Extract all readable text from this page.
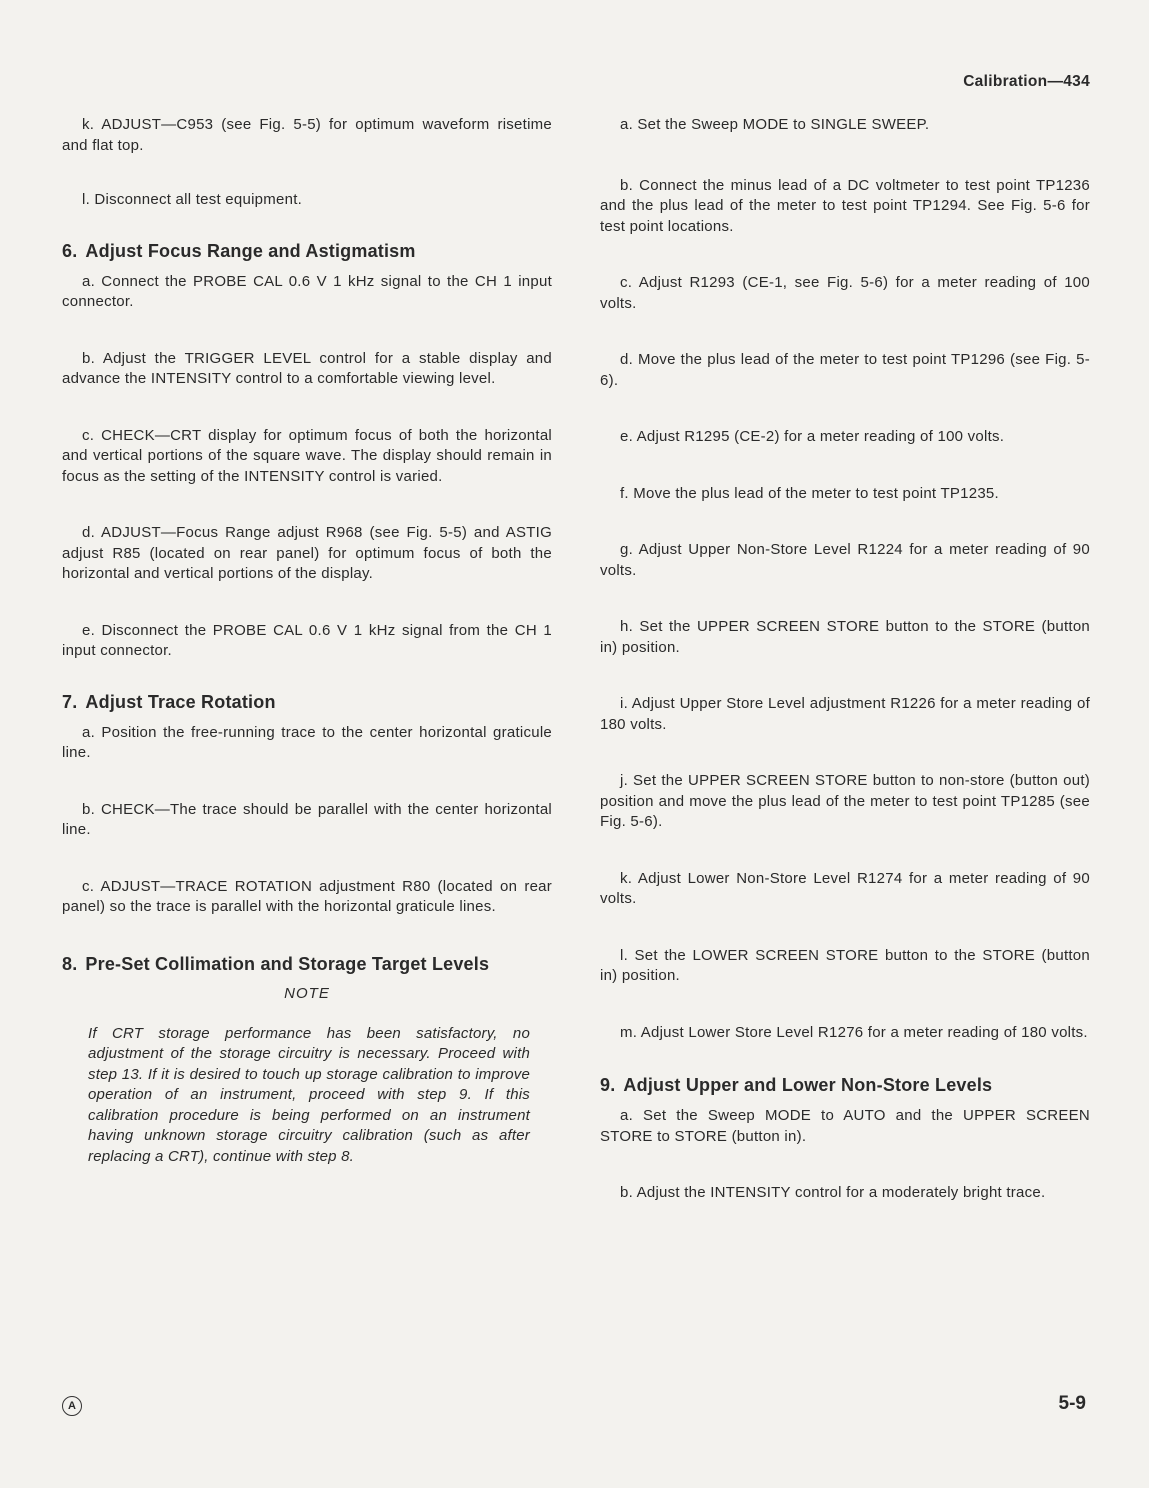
Calibration—434

k. ADJUST—C953 (see Fig. 5-5) for optimum waveform risetime and flat top.

l. Disconnect all test equipment.

6. Adjust Focus Range and Astigmatism

a. Connect the PROBE CAL 0.6 V 1 kHz signal to the CH 1 input connector.

b. Adjust the TRIGGER LEVEL control for a stable display and advance the INTENSITY control to a comfortable viewing level.

c. CHECK—CRT display for optimum focus of both the horizontal and vertical portions of the square wave. The display should remain in focus as the setting of the INTENSITY control is varied.

d. ADJUST—Focus Range adjust R968 (see Fig. 5-5) and ASTIG adjust R85 (located on rear panel) for optimum focus of both the horizontal and vertical portions of the display.

e. Disconnect the PROBE CAL 0.6 V 1 kHz signal from the CH 1 input connector.

7. Adjust Trace Rotation

a. Position the free-running trace to the center horizontal graticule line.

b. CHECK—The trace should be parallel with the center horizontal line.

c. ADJUST—TRACE ROTATION adjustment R80 (located on rear panel) so the trace is parallel with the horizontal graticule lines.

8. Pre-Set Collimation and Storage Target Levels
NOTE

If CRT storage performance has been satisfactory, no adjustment of the storage circuitry is necessary. Proceed with step 13. If it is desired to touch up storage calibration to improve operation of an instrument, proceed with step 9. If this calibration procedure is being performed on an instrument having unknown storage circuitry calibration (such as after replacing a CRT), continue with step 8.

a. Set the Sweep MODE to SINGLE SWEEP.

b. Connect the minus lead of a DC voltmeter to test point TP1236 and the plus lead of the meter to test point TP1294. See Fig. 5-6 for test point locations.

c. Adjust R1293 (CE-1, see Fig. 5-6) for a meter reading of 100 volts.

d. Move the plus lead of the meter to test point TP1296 (see Fig. 5-6).

e. Adjust R1295 (CE-2) for a meter reading of 100 volts.

f. Move the plus lead of the meter to test point TP1235.

g. Adjust Upper Non-Store Level R1224 for a meter reading of 90 volts.

h. Set the UPPER SCREEN STORE button to the STORE (button in) position.

i. Adjust Upper Store Level adjustment R1226 for a meter reading of 180 volts.

j. Set the UPPER SCREEN STORE button to non-store (button out) position and move the plus lead of the meter to test point TP1285 (see Fig. 5-6).

k. Adjust Lower Non-Store Level R1274 for a meter reading of 90 volts.

l. Set the LOWER SCREEN STORE button to the STORE (button in) position.

m. Adjust Lower Store Level R1276 for a meter reading of 180 volts.

9. Adjust Upper and Lower Non-Store Levels

a. Set the Sweep MODE to AUTO and the UPPER SCREEN STORE to STORE (button in).

b. Adjust the INTENSITY control for a moderately bright trace.

A	5-9
